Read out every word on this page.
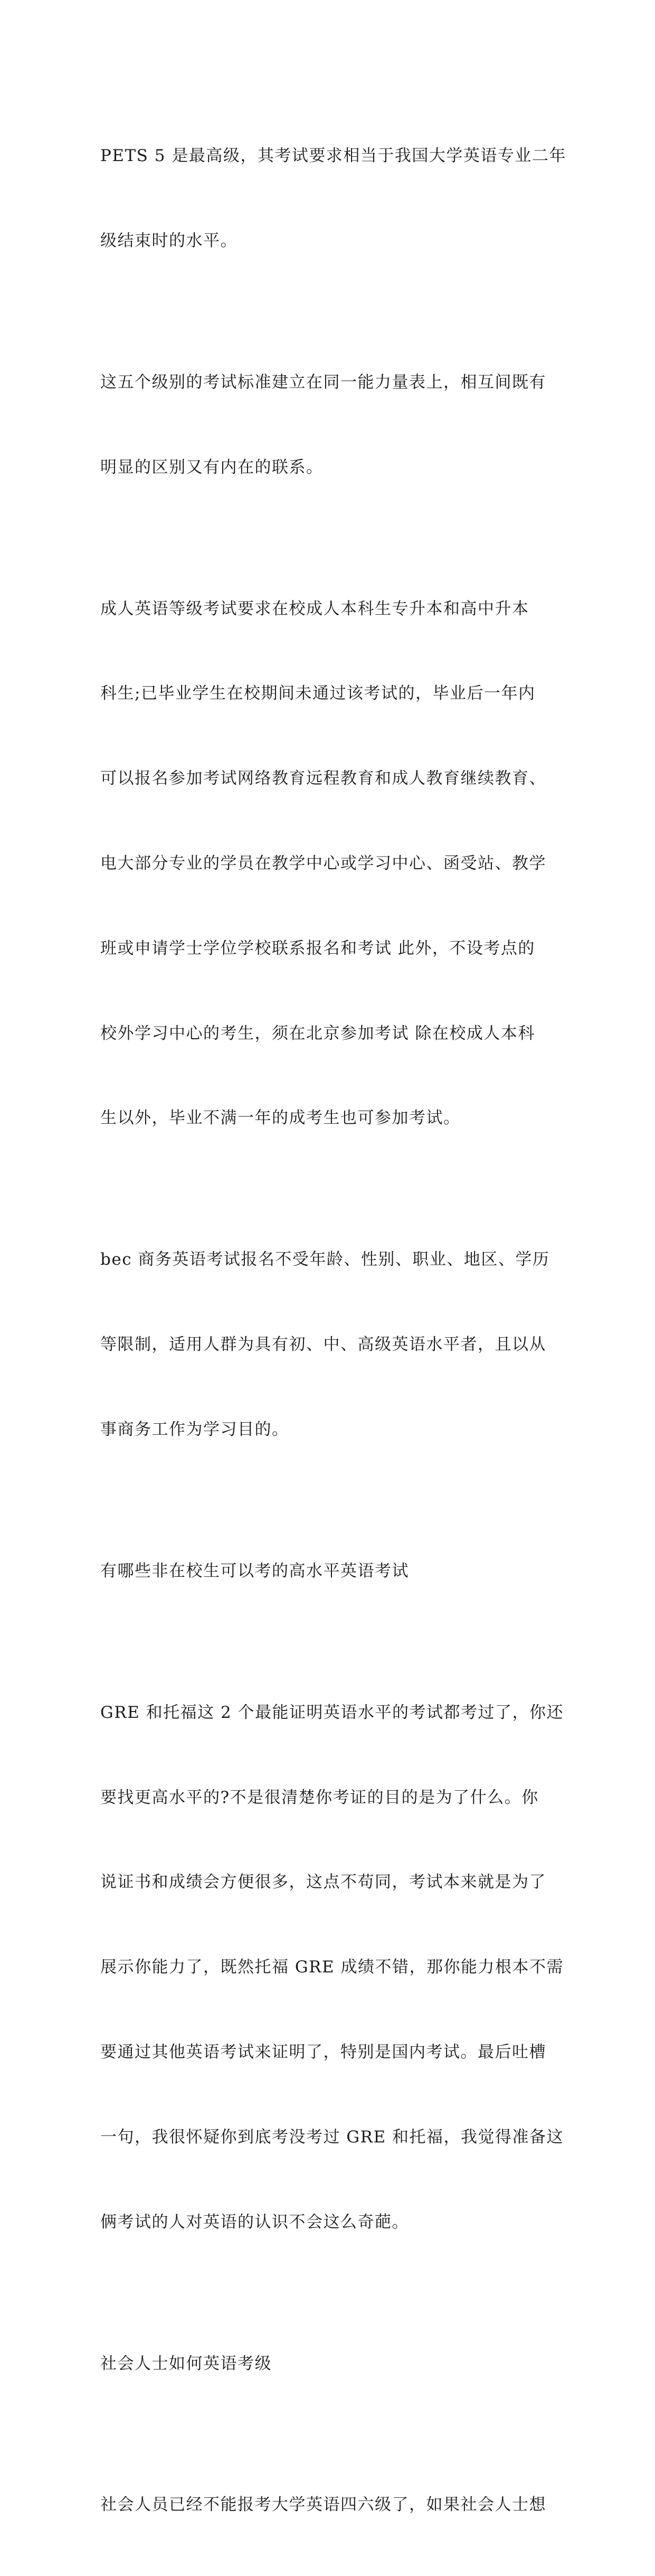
PETS 5 是最高级，其考试要求相当于我国大学英语专业二年

级结束时的水平。

这五个级别的考试标准建立在同一能力量表上，相互间既有

明显的区别又有内在的联系。

成人英语等级考试要求在校成人本科生专升本和高中升本

科生;已毕业学生在校期间未通过该考试的，毕业后一年内

可以报名参加考试网络教育远程教育和成人教育继续教育、

电大部分专业的学员在教学中心或学习中心、函受站、教学

班或申请学士学位学校联系报名和考试 此外，不设考点的

校外学习中心的考生，须在北京参加考试 除在校成人本科

生以外，毕业不满一年的成考生也可参加考试。

bec 商务英语考试报名不受年龄、性别、职业、地区、学历

等限制，适用人群为具有初、中、高级英语水平者，且以从

事商务工作为学习目的。

有哪些非在校生可以考的高水平英语考试

GRE 和托福这 2 个最能证明英语水平的考试都考过了，你还

要找更高水平的?不是很清楚你考证的目的是为了什么。你

说证书和成绩会方便很多，这点不苟同，考试本来就是为了

展示你能力了，既然托福 GRE 成绩不错，那你能力根本不需

要通过其他英语考试来证明了，特别是国内考试。最后吐槽

一句，我很怀疑你到底考没考过 GRE 和托福，我觉得准备这

俩考试的人对英语的认识不会这么奇葩。

社会人士如何英语考级

社会人员已经不能报考大学英语四六级了，如果社会人士想
